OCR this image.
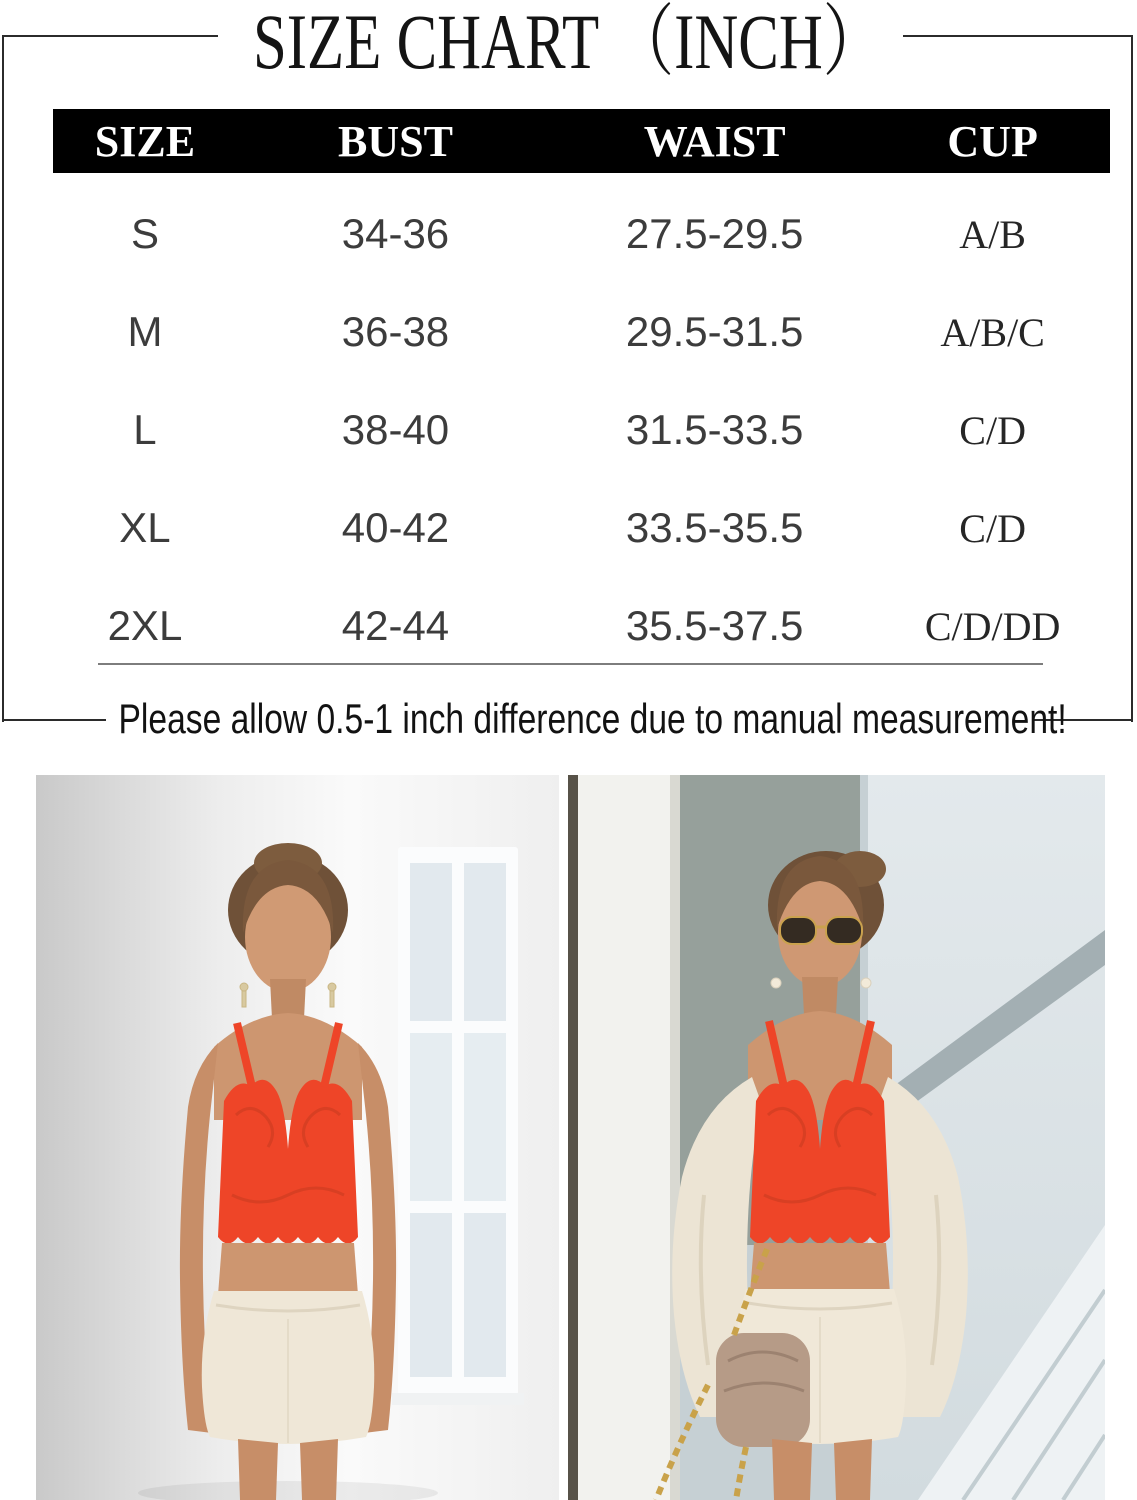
SIZE CHART （INCH）
SIZE	BUST	WAIST	CUP
S	34-36	27.5-29.5	A/B
M	36-38	29.5-31.5	A/B/C
L	38-40	31.5-33.5	C/D
XL	40-42	33.5-35.5	C/D
2XL	42-44	35.5-37.5	C/D/DD
Please allow 0.5-1 inch difference due to manual measurement!
